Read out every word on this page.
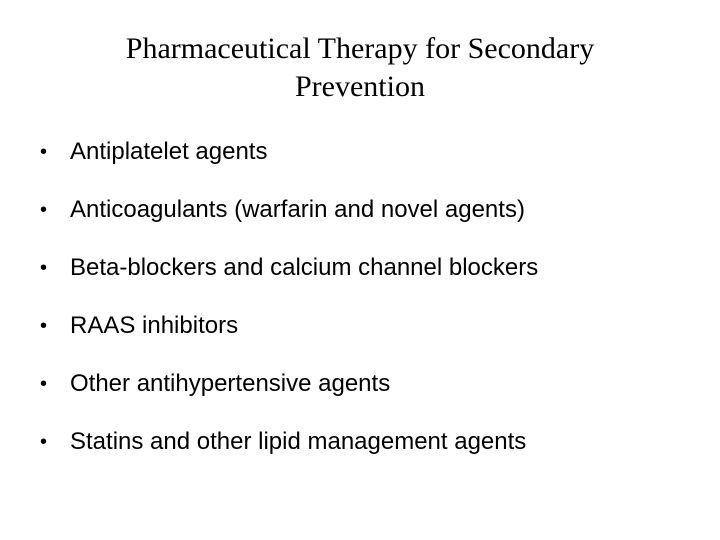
Pharmaceutical Therapy for Secondary Prevention
• Antiplatelet agents
• Anticoagulants (warfarin and novel agents)
• Beta-blockers and calcium channel blockers
• RAAS inhibitors
• Other antihypertensive agents
• Statins and other lipid management agents
